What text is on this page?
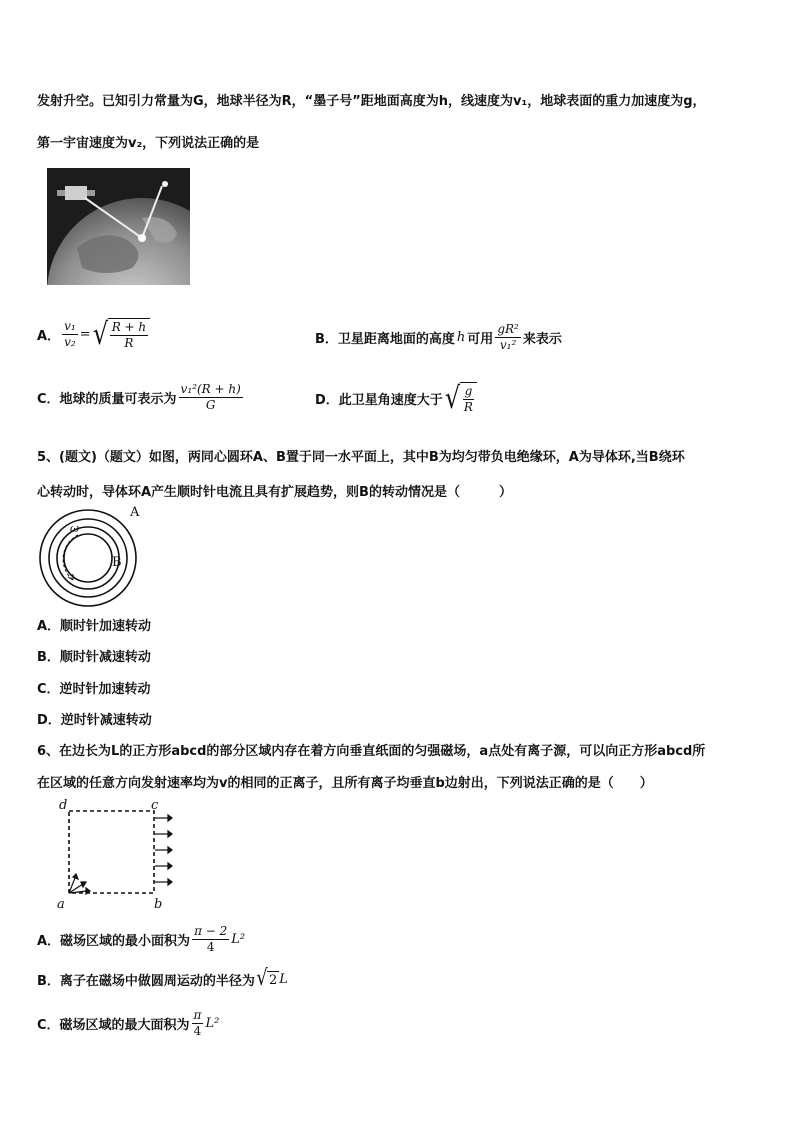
发射升空。已知引力常量为G，地球半径为R，“墨子号”距地面高度为h，线速度为v₁，地球表面的重力加速度为g，
第一宇宙速度为v₂，下列说法正确的是
A． $\frac{\text{v₁}}{\text{v₂}}$ = √ $\frac{R + h}{R}$	B．卫星距离地面的高度 h 可用 $\frac{\text{gR²}}{\text{v₁²}}$ 来表示
C．地球的质量可表示为 $\frac{\text{v₁²(R + h)}}{G}$	D．此卫星角速度大于 √ $\frac{g}{R}$
5、(题文)（题文）如图，两同心圆环A、B置于同一水平面上，其中B为均匀带负电绝缘环，A为导体环,当B绕环
心转动时，导体环A产生顺时针电流且具有扩展趋势，则B的转动情况是（　　　）
ω
A
B
A．顺时针加速转动
B．顺时针减速转动
C．逆时针加速转动
D．逆时针减速转动
6、在边长为L的正方形abcd的部分区域内存在着方向垂直纸面的匀强磁场，a点处有离子源，可以向正方形abcd所
在区域的任意方向发射速率均为v的相同的正离子，且所有离子均垂直b边射出，下列说法正确的是（　　）
d	c
a	b
A．磁场区域的最小面积为 $\frac{\pi - 2}{4} L^2$
B．离子在磁场中做圆周运动的半径为 √ 2 L
C．磁场区域的最大面积为 $\frac{\pi}{4} L^2$
